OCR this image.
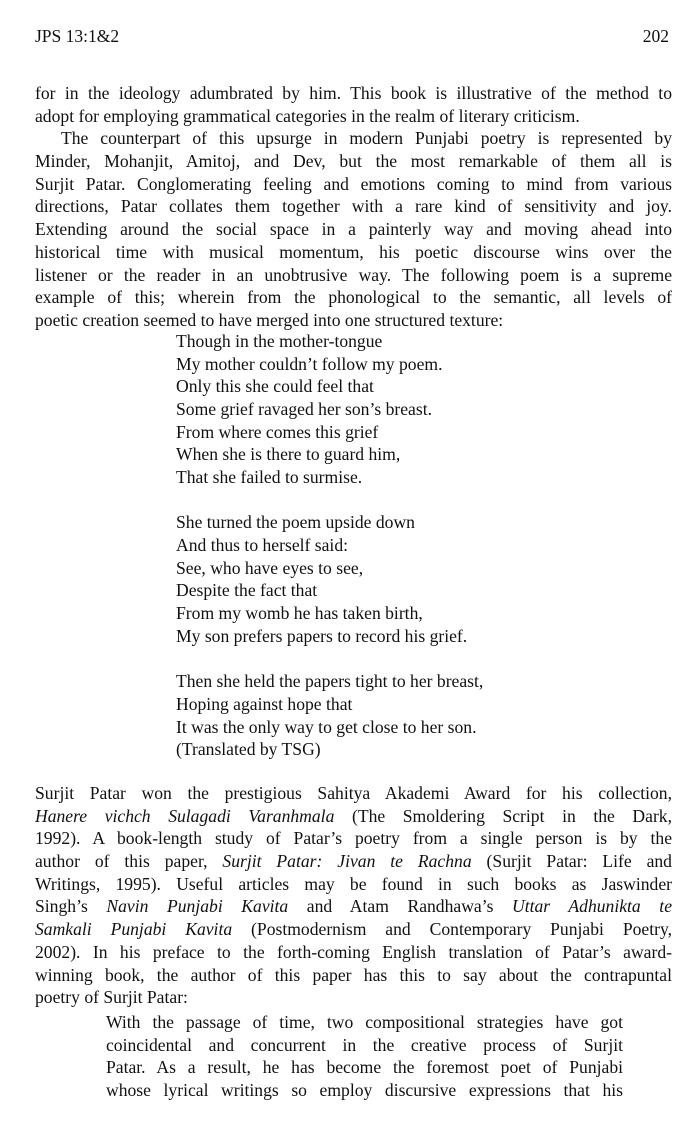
JPS 13:1&2	202
for in the ideology adumbrated by him. This book is illustrative of the method to
adopt for employing grammatical categories in the realm of literary criticism.
The counterpart of this upsurge in modern Punjabi poetry is represented by
Minder, Mohanjit, Amitoj, and Dev, but the most remarkable of them all is
Surjit Patar. Conglomerating feeling and emotions coming to mind from various
directions, Patar collates them together with a rare kind of sensitivity and joy.
Extending around the social space in a painterly way and moving ahead into
historical time with musical momentum, his poetic discourse wins over the
listener or the reader in an unobtrusive way. The following poem is a supreme
example of this; wherein from the phonological to the semantic, all levels of
poetic creation seemed to have merged into one structured texture:
Though in the mother-tongue
My mother couldn’t follow my poem.
Only this she could feel that
Some grief ravaged her son’s breast.
From where comes this grief
When she is there to guard him,
That she failed to surmise.
She turned the poem upside down
And thus to herself said:
See, who have eyes to see,
Despite the fact that
From my womb he has taken birth,
My son prefers papers to record his grief.
Then she held the papers tight to her breast,
Hoping against hope that
It was the only way to get close to her son.
(Translated by TSG)
Surjit Patar won the prestigious Sahitya Akademi Award for his collection,
Hanere vichch Sulagadi Varanhmala (The Smoldering Script in the Dark,
1992). A book-length study of Patar’s poetry from a single person is by the
author of this paper, Surjit Patar: Jivan te Rachna (Surjit Patar: Life and
Writings, 1995). Useful articles may be found in such books as Jaswinder
Singh’s Navin Punjabi Kavita and Atam Randhawa’s Uttar Adhunikta te
Samkali Punjabi Kavita (Postmodernism and Contemporary Punjabi Poetry,
2002). In his preface to the forth-coming English translation of Patar’s award-
winning book, the author of this paper has this to say about the contrapuntal
poetry of Surjit Patar:
With the passage of time, two compositional strategies have got
coincidental and concurrent in the creative process of Surjit
Patar. As a result, he has become the foremost poet of Punjabi
whose lyrical writings so employ discursive expressions that his
